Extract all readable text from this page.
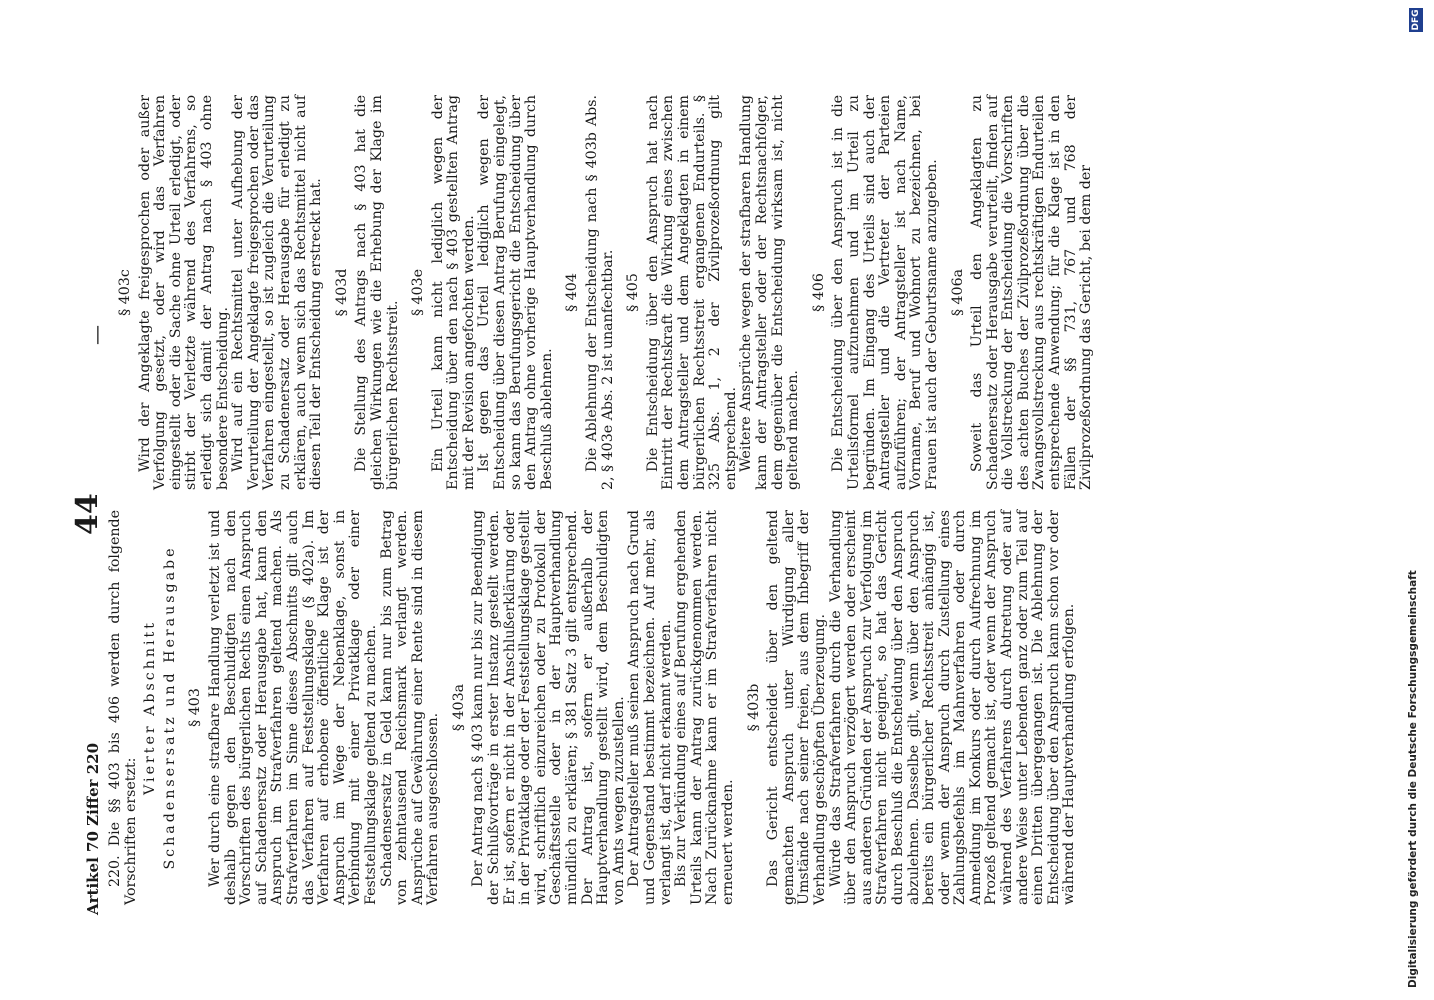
Artikel 70 Ziffer 220
44
—

220. Die §§ 403 bis 406 werden durch folgende Vorschriften ersetzt:

Vierter Abschnitt Schadensersatz und Herausgabe § 403 Wer durch eine strafbare Handlung verletzt ist und deshalb gegen den Beschuldigten nach den Vorschriften des bürgerlichen Rechts einen Anspruch auf Schadenersatz oder Herausgabe hat, kann den Anspruch im Strafverfahren geltend machen. Als Strafverfahren im Sinne dieses Abschnitts gilt auch das Verfahren auf Feststellungsklage (§ 402a). Im Verfahren auf erhobene öffentliche Klage ist der Anspruch im Wege der Nebenklage, sonst in Verbindung mit einer Privatklage oder einer Feststellungsklage geltend zu machen. Schadensersatz in Geld kann nur bis zum Betrag von zehntausend Reichsmark verlangt werden. Ansprüche auf Gewährung einer Rente sind in diesem Verfahren ausgeschlossen.

§ 403a Der Antrag nach § 403 kann nur bis zur Beendigung der Schlußvorträge in erster Instanz gestellt werden. Er ist, sofern er nicht in der Anschlußerklärung oder in der Privatklage oder der Feststellungsklage gestellt wird, schriftlich einzureichen oder zu Protokoll der Geschäftsstelle oder in der Hauptverhandlung mündlich zu erklären; § 381 Satz 3 gilt entsprechend. Der Antrag ist, sofern er außerhalb der Hauptverhandlung gestellt wird, dem Beschuldigten von Amts wegen zuzustellen. Der Antragsteller muß seinen Anspruch nach Grund und Gegenstand bestimmt bezeichnen. Auf mehr, als verlangt ist, darf nicht erkannt werden. Bis zur Verkündung eines auf Berufung ergehenden Urteils kann der Antrag zurückgenommen werden. Nach Zurücknahme kann er im Strafverfahren nicht erneuert werden.

§ 403b Das Gericht entscheidet über den geltend gemachten Anspruch unter Würdigung aller Umstände nach seiner freien, aus dem Inbegriff der Verhandlung geschöpften Überzeugung. Würde das Strafverfahren durch die Verhandlung über den Anspruch verzögert werden oder erscheint aus anderen Gründen der Anspruch zur Verfolgung im Strafverfahren nicht geeignet, so hat das Gericht durch Beschluß die Entscheidung über den Anspruch abzulehnen. Dasselbe gilt, wenn über den Anspruch bereits ein bürgerlicher Rechtsstreit anhängig ist, oder wenn der Anspruch durch Zustellung eines Zahlungsbefehls im Mahnverfahren oder durch Anmeldung im Konkurs oder durch Aufrechnung im Prozeß geltend gemacht ist, oder wenn der Anspruch während des Verfahrens durch Abtretung oder auf andere Weise unter Lebenden ganz oder zum Teil auf einen Dritten übergegangen ist. Die Ablehnung der Entscheidung über den Anspruch kann schon vor oder während der Hauptverhandlung erfolgen.

§ 403c Wird der Angeklagte freigesprochen oder außer Verfolgung gesetzt, oder wird das Verfahren eingestellt oder die Sache ohne Urteil erledigt, oder stirbt der Verletzte während des Verfahrens, so erledigt sich damit der Antrag nach § 403 ohne besondere Entscheidung. Wird auf ein Rechtsmittel unter Aufhebung der Verurteilung der Angeklagte freigesprochen oder das Verfahren eingestellt, so ist zugleich die Verurteilung zu Schadenersatz oder Herausgabe für erledigt zu erklären, auch wenn sich das Rechtsmittel nicht auf diesen Teil der Entscheidung erstreckt hat. § 403d Die Stellung des Antrags nach § 403 hat die gleichen Wirkungen wie die Erhebung der Klage im bürgerlichen Rechtsstreit.

§ 403e Ein Urteil kann nicht lediglich wegen der Entscheidung über den nach § 403 gestellten Antrag mit der Revision angefochten werden. Ist gegen das Urteil lediglich wegen der Entscheidung über diesen Antrag Berufung eingelegt, so kann das Berufungsgericht die Entscheidung über den Antrag ohne vorherige Hauptverhandlung durch Beschluß ablehnen.

§ 404 Die Ablehnung der Entscheidung nach § 403b Abs. 2, § 403e Abs. 2 ist unanfechtbar. § 405 Die Entscheidung über den Anspruch hat nach Eintritt der Rechtskraft die Wirkung eines zwischen dem Antragsteller und dem Angeklagten in einem bürgerlichen Rechtsstreit ergangenen Endurteils. § 325 Abs. 1, 2 der Zivilprozeßordnung gilt entsprechend. Weitere Ansprüche wegen der strafbaren Handlung kann der Antragsteller oder der Rechtsnachfolger, dem gegenüber die Entscheidung wirksam ist, nicht geltend machen.

§ 406 Die Entscheidung über den Anspruch ist in die Urteilsformel aufzunehmen und im Urteil zu begründen. Im Eingang des Urteils sind auch der Antragsteller und die Vertreter der Parteien aufzuführen; der Antragsteller ist nach Name, Vorname, Beruf und Wohnort zu bezeichnen, bei Frauen ist auch der Geburtsname anzugeben. § 406a Soweit das Urteil den Angeklagten zu Schadenersatz oder Herausgabe verurteilt, finden auf die Vollstreckung der Entscheidung die Vorschriften des achten Buches der Zivilprozeßordnung über die Zwangsvollstreckung aus rechtskräftigen Endurteilen entsprechende Anwendung; für die Klage ist in den Fällen der §§ 731, 767 und 768 der Zivilprozeßordnung das Gericht, bei dem der

Digitalisierung gefördert durch die Deutsche Forschungsgemeinschaft
DFG
